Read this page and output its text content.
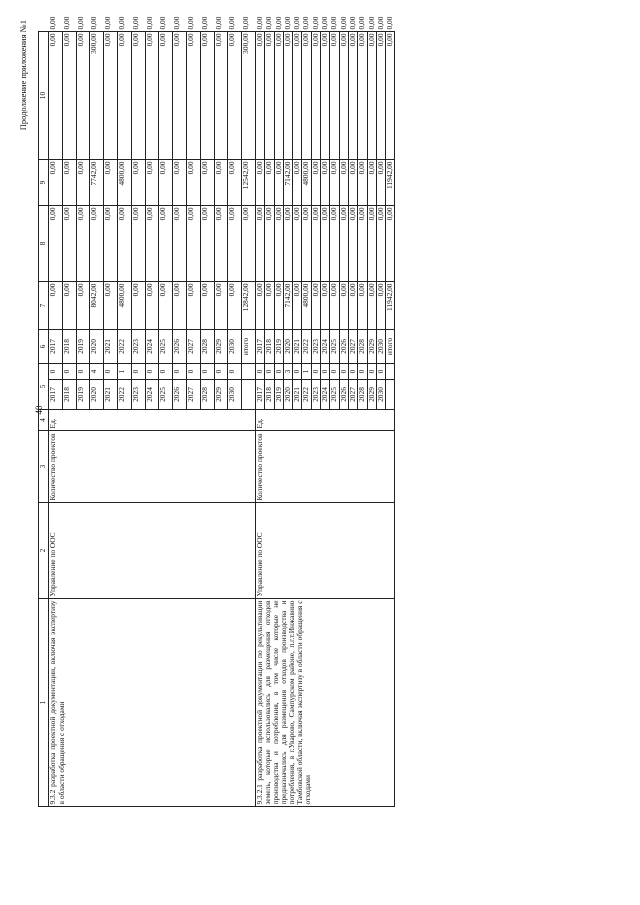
40
Продолжение приложения №1
1	2	3	4	5		6	7	8	9	10	
9.3.2 разработка проектной документации, включая экспертизу в области обращения с отходами	Управление по ООС	Количество проектов	Ед.	2017	0	2017	0,00	0,00	0,00	0,00	0,00
				2018	0	2018	0,00	0,00	0,00	0,00	0,00
				2019	0	2019	0,00	0,00	0,00	0,00	0,00
				2020	4	2020	8042,00	0,00	7742,00	300,00	0,00
				2021	0	2021	0,00	0,00	0,00	0,00	0,00
				2022	1	2022	4800,00	0,00	4800,00	0,00	0,00
				2023	0	2023	0,00	0,00	0,00	0,00	0,00
				2024	0	2024	0,00	0,00	0,00	0,00	0,00
				2025	0	2025	0,00	0,00	0,00	0,00	0,00
				2026	0	2026	0,00	0,00	0,00	0,00	0,00
				2027	0	2027	0,00	0,00	0,00	0,00	0,00
				2028	0	2028	0,00	0,00	0,00	0,00	0,00
				2029	0	2029	0,00	0,00	0,00	0,00	0,00
				2030	0	2030	0,00	0,00	0,00	0,00	0,00
						итого	12842,00	0,00	12542,00	300,00	0,00
9.3.2.1 разработка проектной документации по рекультивации земель, которые использовались для размещения отходов производства и потребления, в том числе которые не предназначались для размещения отходов производства и потребления, в г.Уварово, Сампурском районе, п.г.т.Инжавино Тамбовской области, включая экспертизу в области обращения с отходами	Управление по ООС	Количество проектов	Ед.	2017	0	2017	0,00	0,00	0,00	0,00	0,00
				2018	0	2018	0,00	0,00	0,00	0,00	0,00
				2019	0	2019	0,00	0,00	0,00	0,00	0,00
				2020	3	2020	7142,00	0,00	7142,00	0,00	0,00
				2021	0	2021	0,00	0,00	0,00	0,00	0,00
				2022	1	2022	4800,00	0,00	4800,00	0,00	0,00
				2023	0	2023	0,00	0,00	0,00	0,00	0,00
				2024	0	2024	0,00	0,00	0,00	0,00	0,00
				2025	0	2025	0,00	0,00	0,00	0,00	0,00
				2026	0	2026	0,00	0,00	0,00	0,00	0,00
				2027	0	2027	0,00	0,00	0,00	0,00	0,00
				2028	0	2028	0,00	0,00	0,00	0,00	0,00
				2029	0	2029	0,00	0,00	0,00	0,00	0,00
				2030	0	2030	0,00	0,00	0,00	0,00	0,00
						итого	11942,00	0,00	11942,00	0,00	0,00
